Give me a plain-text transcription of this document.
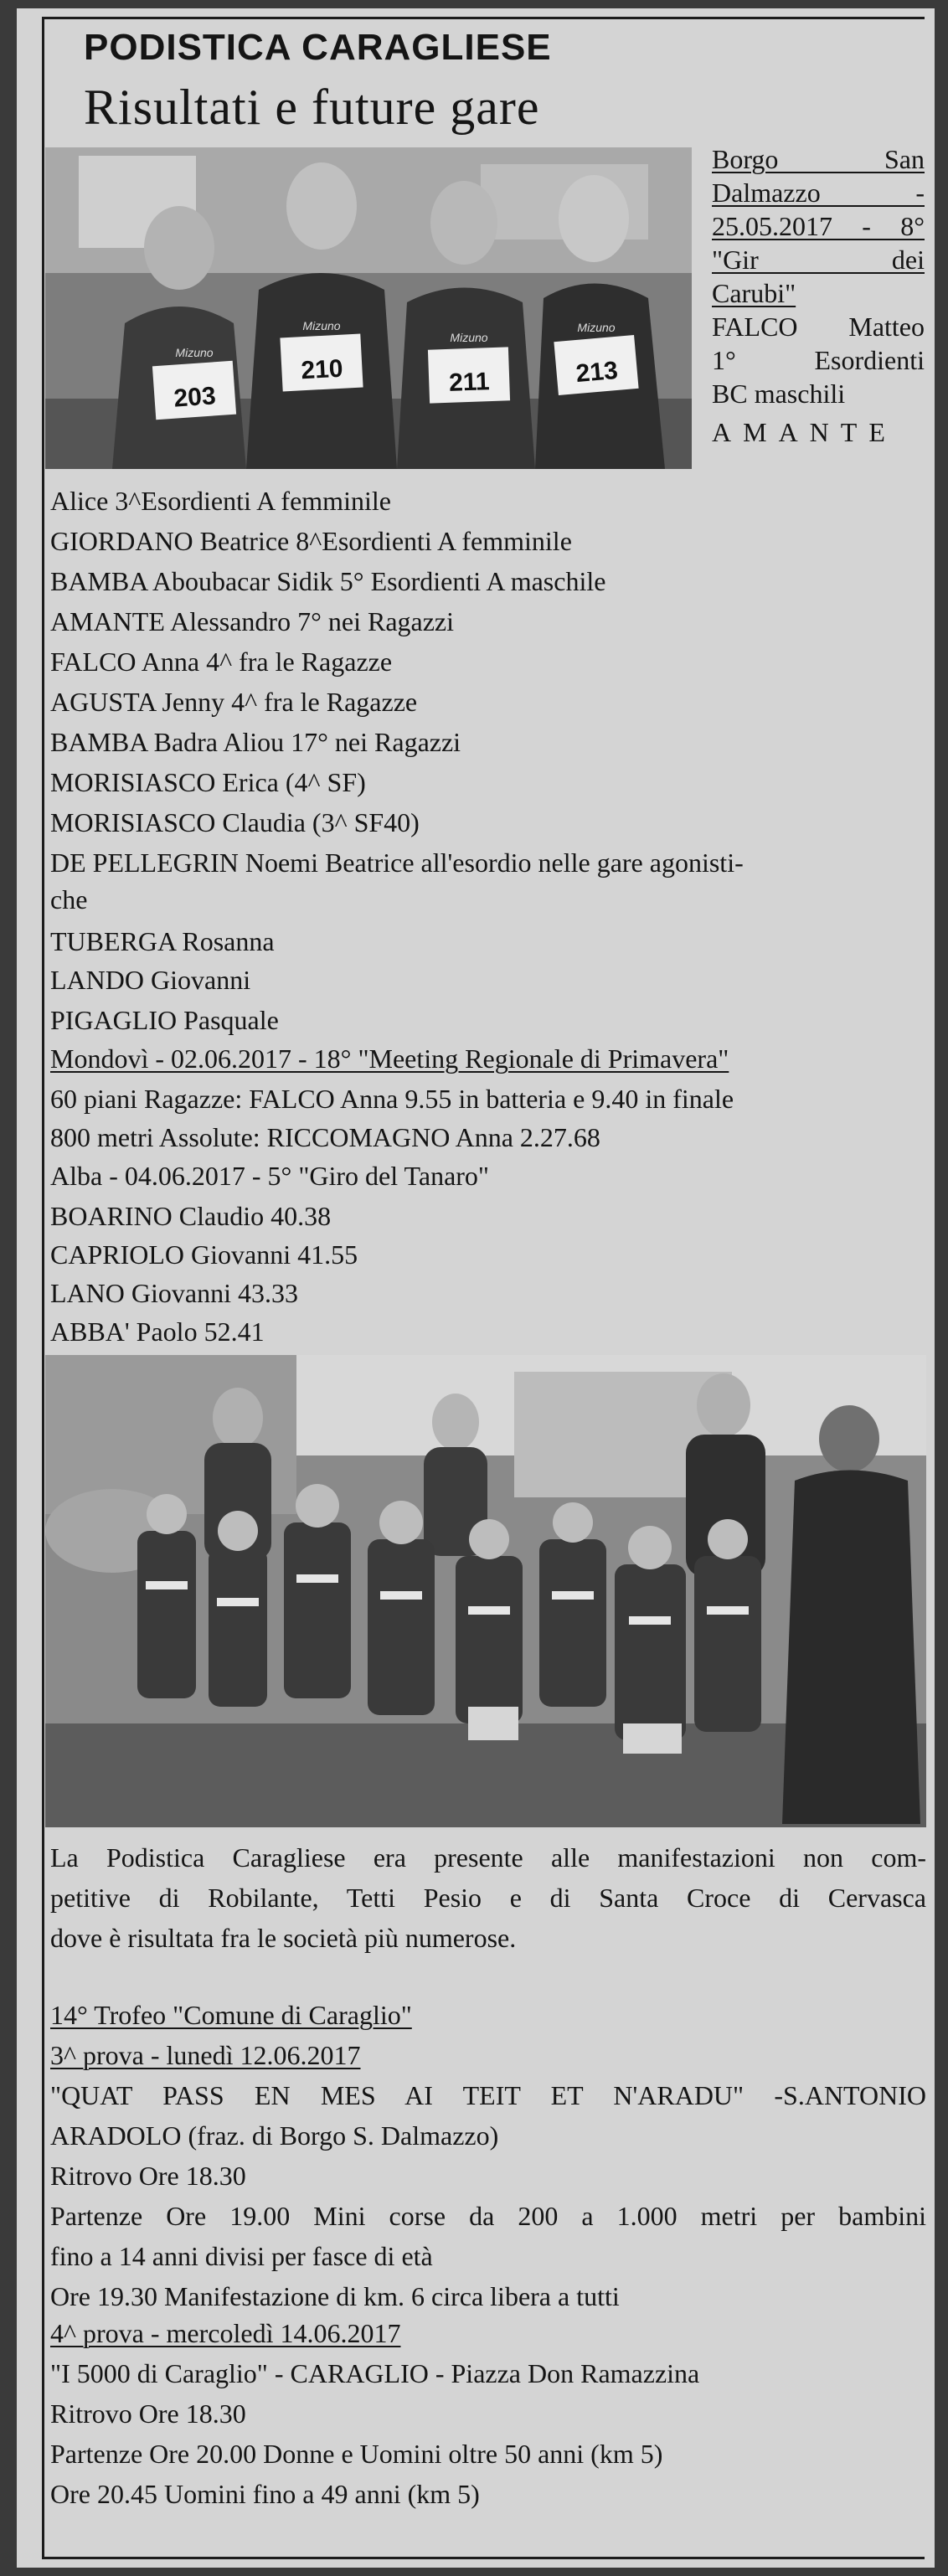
PODISTICA CARAGLIESE
Risultati e future gare
203
210	211	213
Mizuno
Mizuno
Mizuno
Mizuno
Borgo San
Dalmazzo -
25.05.2017 - 8°
"Gir dei
Carubi"
FALCO Matteo
1° Esordienti
BC maschili
AMANTE
Alice 3^Esordienti A femminile
GIORDANO Beatrice 8^Esordienti A femminile
BAMBA Aboubacar Sidik 5° Esordienti A maschile
AMANTE Alessandro 7° nei Ragazzi
FALCO Anna 4^ fra le Ragazze
AGUSTA Jenny 4^ fra le Ragazze
BAMBA Badra Aliou 17° nei Ragazzi
MORISIASCO Erica (4^ SF)
MORISIASCO Claudia (3^ SF40)
DE PELLEGRIN Noemi Beatrice all'esordio nelle gare agonisti-
che
TUBERGA Rosanna
LANDO Giovanni
PIGAGLIO Pasquale
Mondovì - 02.06.2017 - 18° "Meeting Regionale di Primavera"
60 piani Ragazze: FALCO Anna 9.55 in batteria e 9.40 in finale
800 metri Assolute: RICCOMAGNO Anna 2.27.68
Alba - 04.06.2017 - 5° "Giro del Tanaro"
BOARINO Claudio 40.38
CAPRIOLO Giovanni 41.55
LANO Giovanni 43.33
ABBA' Paolo 52.41
La Podistica Caragliese era presente alle manifestazioni non com-
petitive di Robilante, Tetti Pesio e di Santa Croce di Cervasca
dove è risultata fra le società più numerose.
14° Trofeo "Comune di Caraglio"
3^ prova - lunedì 12.06.2017
"QUAT PASS EN MES AI TEIT ET N'ARADU" -S.ANTONIO
ARADOLO (fraz. di Borgo S. Dalmazzo)
Ritrovo Ore 18.30
Partenze Ore 19.00 Mini corse da 200 a 1.000 metri per bambini
fino a 14 anni divisi per fasce di età
Ore 19.30 Manifestazione di km. 6 circa libera a tutti
4^ prova - mercoledì 14.06.2017
"I 5000 di Caraglio" - CARAGLIO - Piazza Don Ramazzina
Ritrovo Ore 18.30
Partenze Ore 20.00 Donne e Uomini oltre 50 anni (km 5)
Ore 20.45 Uomini fino a 49 anni (km 5)
